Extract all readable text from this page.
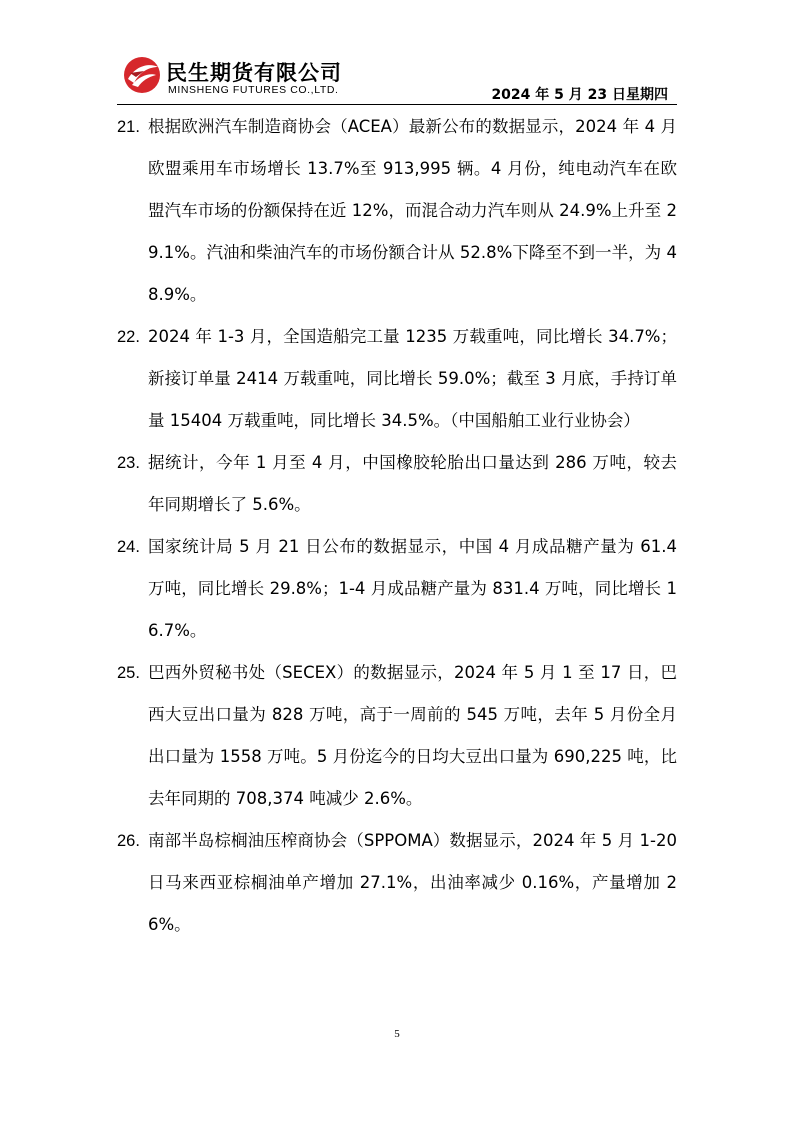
民生期货有限公司
MINSHENG FUTURES CO.,LTD.	2024 年 5 月 23 日星期四
21. 根据欧洲汽车制造商协会（ACEA）最新公布的数据显示，2024 年 4 月欧盟乘用车市场增长 13.7%至 913,995 辆。4 月份，纯电动汽车在欧盟汽车市场的份额保持在近 12%，而混合动力汽车则从 24.9%上升至 29.1%。汽油和柴油汽车的市场份额合计从 52.8%下降至不到一半，为 48.9%。
22. 2024 年 1-3 月，全国造船完工量 1235 万载重吨，同比增长 34.7%；新接订单量 2414 万载重吨，同比增长 59.0%；截至 3 月底，手持订单量 15404 万载重吨，同比增长 34.5%。（中国船舶工业行业协会）
23. 据统计，今年 1 月至 4 月，中国橡胶轮胎出口量达到 286 万吨，较去年同期增长了 5.6%。
24. 国家统计局 5 月 21 日公布的数据显示，中国 4 月成品糖产量为 61.4 万吨，同比增长 29.8%；1-4 月成品糖产量为 831.4 万吨，同比增长 16.7%。
25. 巴西外贸秘书处（SECEX）的数据显示，2024 年 5 月 1 至 17 日，巴西大豆出口量为 828 万吨，高于一周前的 545 万吨，去年 5 月份全月出口量为 1558 万吨。5 月份迄今的日均大豆出口量为 690,225 吨，比去年同期的 708,374 吨减少 2.6%。
26. 南部半岛棕榈油压榨商协会（SPPOMA）数据显示，2024 年 5 月 1-20 日马来西亚棕榈油单产增加 27.1%，出油率减少 0.16%，产量增加 26%。
5
